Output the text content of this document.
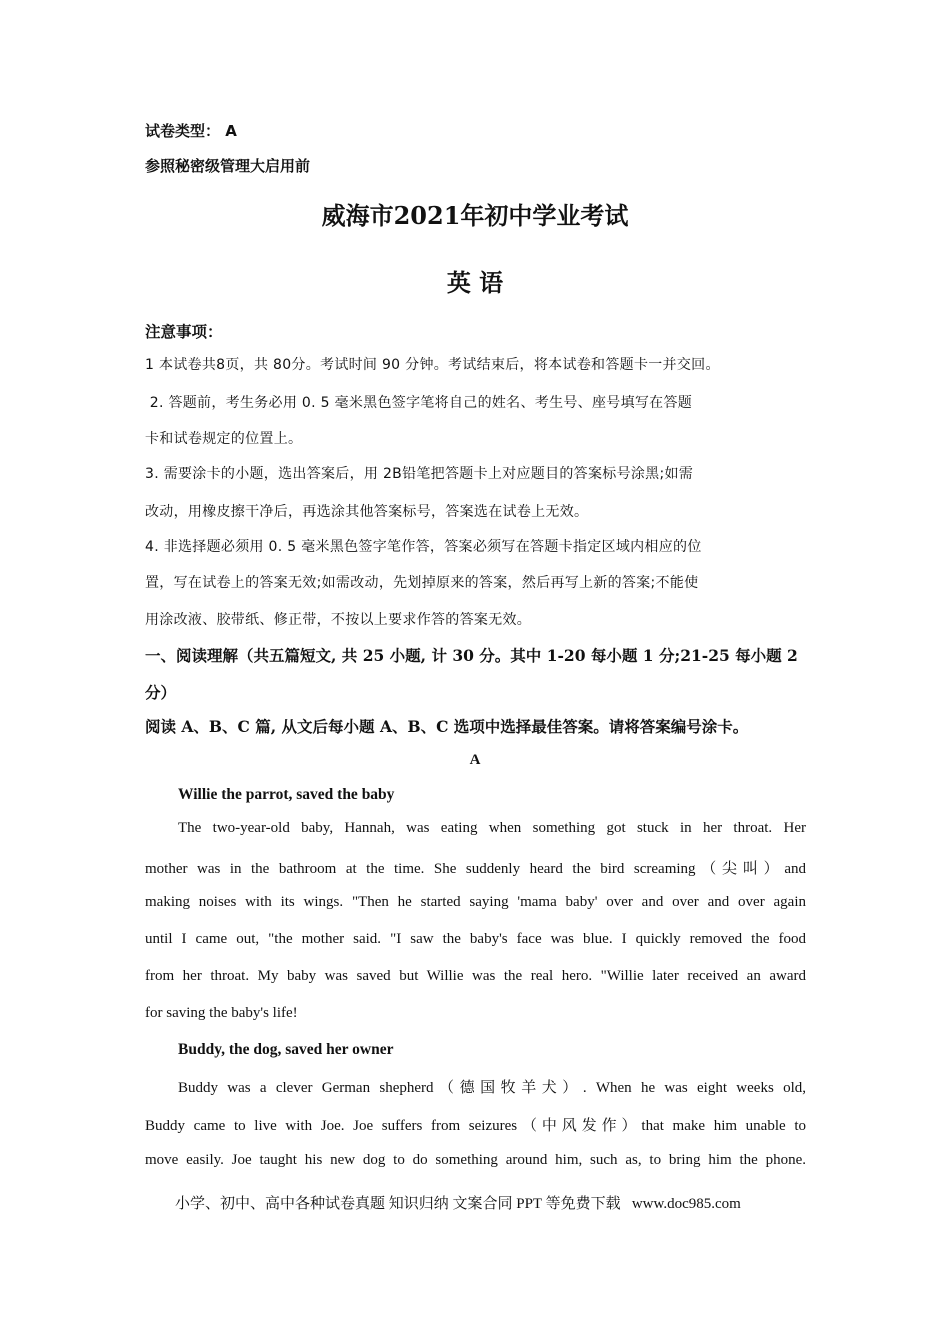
试卷类型： A
参照秘密级管理大启用前
威海市2021年初中学业考试
英 语
注意事项：
1 本试卷共8页，共 80分。考试时间 90 分钟。考试结束后，将本试卷和答题卡一并交回。
2. 答题前，考生务必用 0. 5 毫米黑色签字笔将自己的姓名、考生号、座号填写在答题
卡和试卷规定的位置上。
3. 需要涂卡的小题，选出答案后，用 2B铅笔把答题卡上对应题目的答案标号涂黑;如需
改动，用橡皮擦干净后，再选涂其他答案标号，答案选在试卷上无效。
4. 非选择题必须用 0. 5 毫米黑色签字笔作答，答案必须写在答题卡指定区域内相应的位
置，写在试卷上的答案无效;如需改动，先划掉原来的答案，然后再写上新的答案;不能使
用涂改液、胶带纸、修正带，不按以上要求作答的答案无效。
一、阅读理解（共五篇短文, 共 25 小题, 计 30 分。其中 1-20 每小题 1 分;21-25 每小题 2
分）
阅读 A、B、C 篇, 从文后每小题 A、B、C 选项中选择最佳答案。请将答案编号涂卡。
A
Willie the parrot, saved the baby
The two-year-old baby, Hannah, was eating when something got stuck in her throat. Her
mother was in the bathroom at the time. She suddenly heard the bird screaming（尖叫）and
making noises with its wings. "Then he started saying 'mama baby' over and over and over again
until I came out, "the mother said. "I saw the baby's face was blue. I quickly removed the food
from her throat. My baby was saved but Willie was the real hero. "Willie later received an award
for saving the baby's life!
Buddy, the dog, saved her owner
Buddy was a clever German shepherd（德国牧羊犬）. When he was eight weeks old,
Buddy came to live with Joe. Joe suffers from seizures（中风发作）that make him unable to
move easily. Joe taught his new dog to do something around him, such as, to bring him the phone.
小学、初中、高中各种试卷真题 知识归纳 文案合同 PPT 等免费下载   www.doc985.com
